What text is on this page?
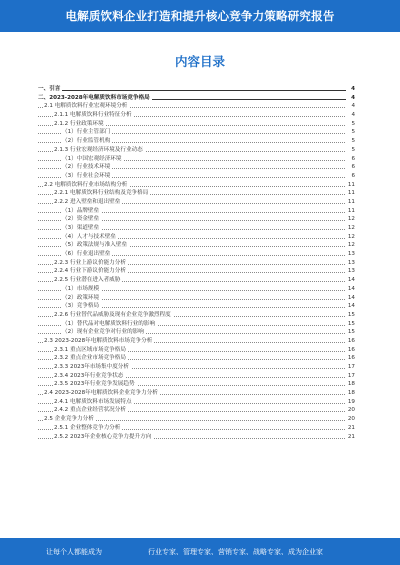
电解质饮料企业打造和提升核心竞争力策略研究报告
内容目录
一、引言	4
二、2023-2028年电解质饮料市场竞争格局	4
2.1 电解质饮料行业宏观环境分析	4
2.1.1 电解质饮料行业特征分析	4
2.1.2 行业政策环境	5
（1）行业主管部门	5
（2）行业监管机构	5
2.1.3 行业宏观经济环境及行业动态	5
（1）中国宏观经济环境	6
（2）行业技术环境	6
（3）行业社会环境	6
2.2 电解质饮料行业市场结构分析	11
2.2.1 电解质饮料行业结构及竞争格局	11
2.2.2 进入壁垒和退出壁垒	11
（1）品牌壁垒	11
（2）资金壁垒	12
（3）渠道壁垒	12
（4）人才与技术壁垒	12
（5）政策法规与准入壁垒	12
（6）行业退出壁垒	13
2.2.3 行业上游议价能力分析	13
2.2.4 行业下游议价能力分析	13
2.2.5 行业潜在进入者威胁	14
（1）市场规模	14
（2）政策环境	14
（3）竞争格局	14
2.2.6 行业替代品威胁及现有企业竞争激烈程度	15
（1）替代品对电解质饮料行业的影响	15
（2）现有企业竞争对行业的影响	15
2.3 2023-2028年电解质饮料市场竞争分析	16
2.3.1 重点区域市场竞争格局	16
2.3.2 重点企业市场竞争格局	16
2.3.3 2023年市场集中度分析	17
2.3.4 2023年行业竞争状态	17
2.3.5 2023年行业竞争发展趋势	18
2.4 2023-2028年电解质饮料企业竞争力分析	18
2.4.1 电解质饮料市场发展特点	19
2.4.2 重点企业经营状况分析	20
2.5 企业竞争力分析	20
2.5.1 企业整体竞争力分析	21
2.5.2 2023年企业核心竞争力提升方向	21
让每个人都能成为	行业专家、管理专家、营销专家、战略专家、成为企业家
